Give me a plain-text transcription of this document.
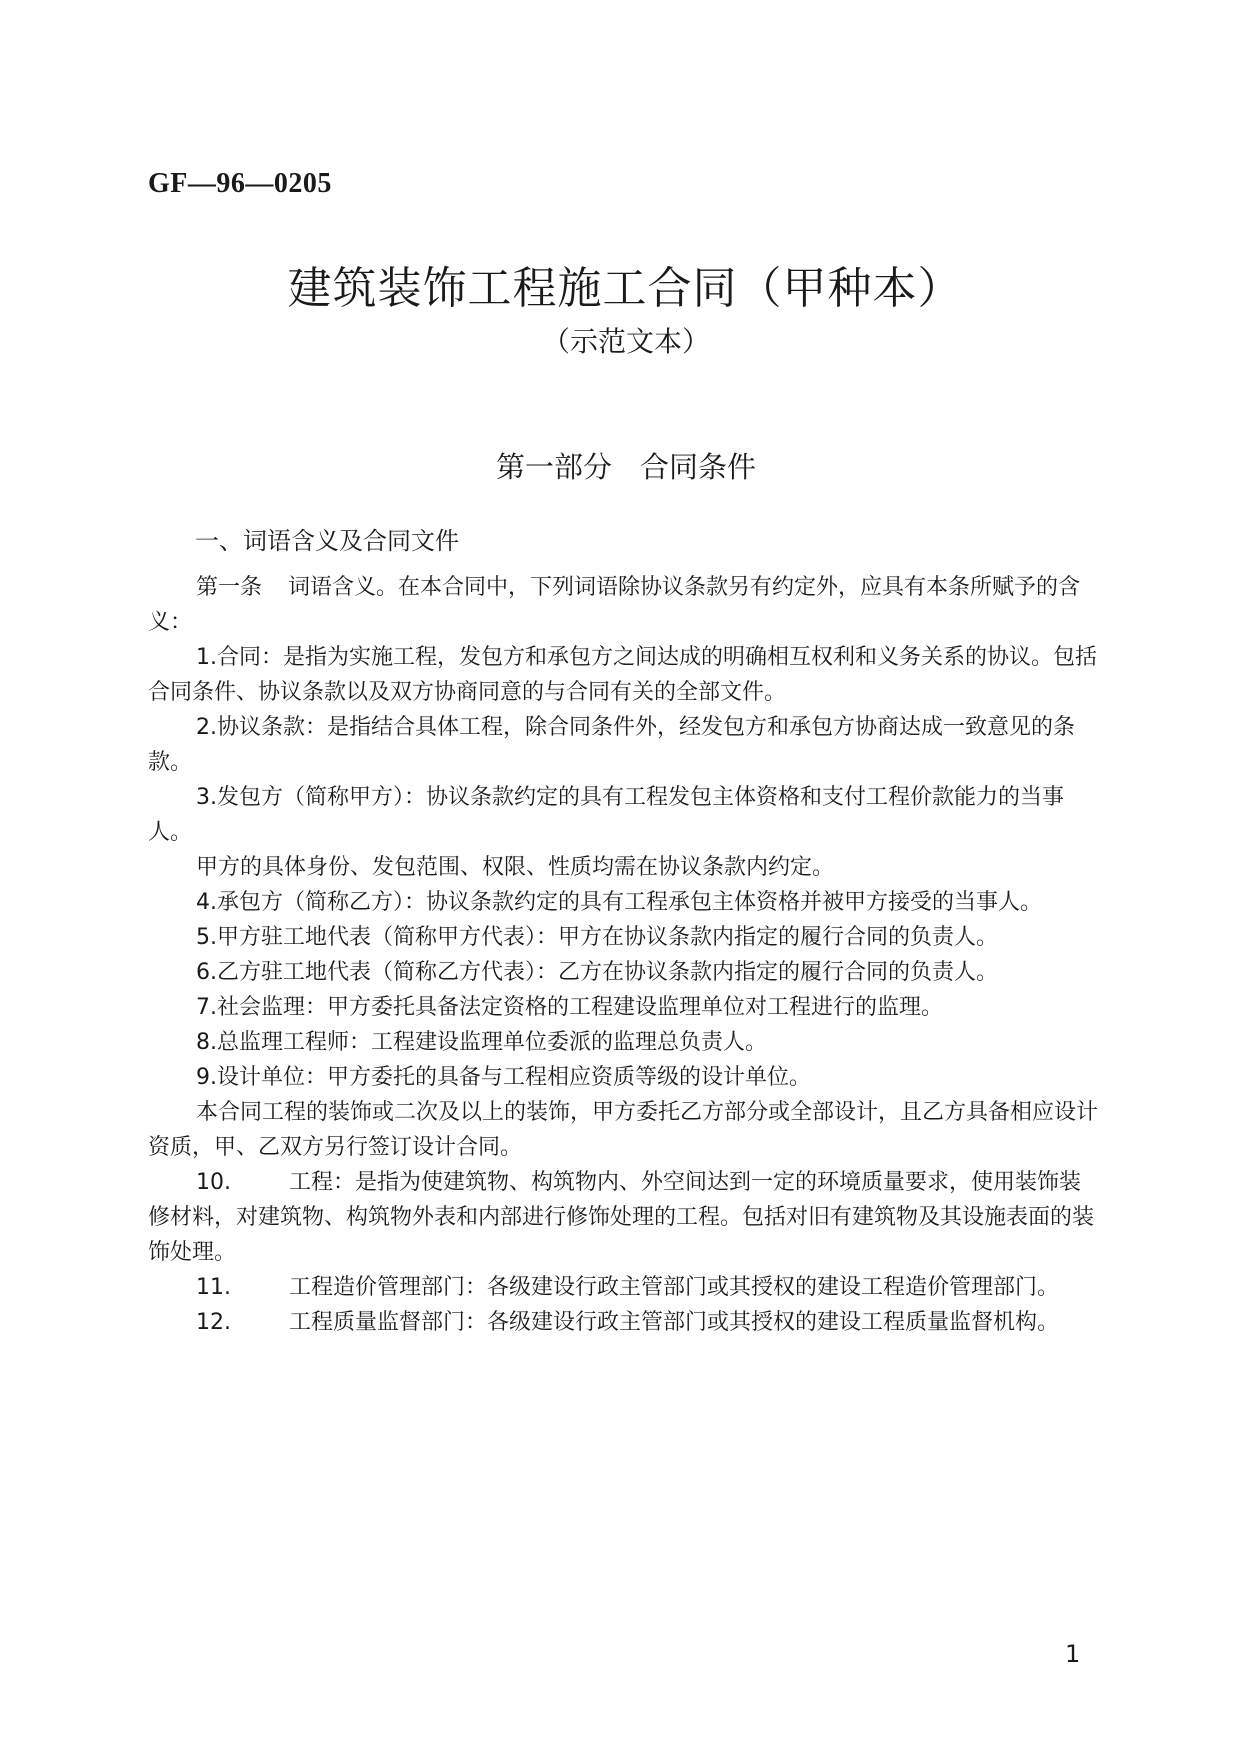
GF—96—0205
建筑装饰工程施工合同（甲种本）
（示范文本）
第一部分 合同条件
一、词语含义及合同文件

第一条 词语含义。在本合同中，下列词语除协议条款另有约定外，应具有本条所赋予的含义：

1.合同：是指为实施工程，发包方和承包方之间达成的明确相互权利和义务关系的协议。包括合同条件、协议条款以及双方协商同意的与合同有关的全部文件。

2.协议条款：是指结合具体工程，除合同条件外，经发包方和承包方协商达成一致意见的条款。

3.发包方（简称甲方）：协议条款约定的具有工程发包主体资格和支付工程价款能力的当事人。

甲方的具体身份、发包范围、权限、性质均需在协议条款内约定。

4.承包方（简称乙方）：协议条款约定的具有工程承包主体资格并被甲方接受的当事人。

5.甲方驻工地代表（简称甲方代表）：甲方在协议条款内指定的履行合同的负责人。

6.乙方驻工地代表（简称乙方代表）：乙方在协议条款内指定的履行合同的负责人。

7.社会监理：甲方委托具备法定资格的工程建设监理单位对工程进行的监理。

8.总监理工程师：工程建设监理单位委派的监理总负责人。

9.设计单位：甲方委托的具备与工程相应资质等级的设计单位。

本合同工程的装饰或二次及以上的装饰，甲方委托乙方部分或全部设计，且乙方具备相应设计资质，甲、乙双方另行签订设计合同。

10.	工程：是指为使建筑物、构筑物内、外空间达到一定的环境质量要求，使用装饰装修材料，对建筑物、构筑物外表和内部进行修饰处理的工程。包括对旧有建筑物及其设施表面的装饰处理。

11.	工程造价管理部门：各级建设行政主管部门或其授权的建设工程造价管理部门。

12.	工程质量监督部门：各级建设行政主管部门或其授权的建设工程质量监督机构。

1
